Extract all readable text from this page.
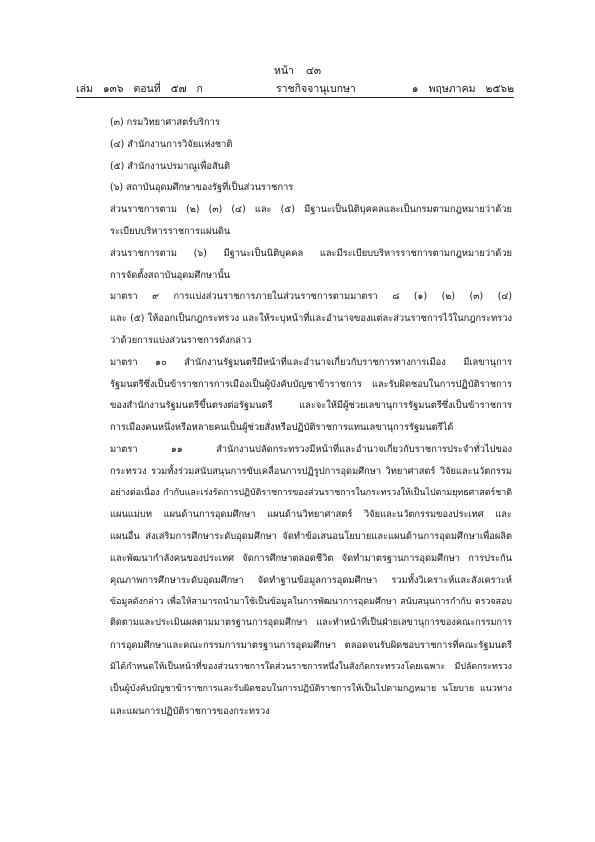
หน้า ๔๓
เล่ม ๑๓๖ ตอนที่ ๕๗ ก	ราชกิจจานุเบกษา	๑ พฤษภาคม ๒๕๖๒

(๓) กรมวิทยาศาสตร์บริการ

(๔) สำนักงานการวิจัยแห่งชาติ

(๕) สำนักงานปรมาณูเพื่อสันติ

(๖) สถาบันอุดมศึกษาของรัฐที่เป็นส่วนราชการ

ส่วนราชการตาม (๒) (๓) (๔) และ (๕) มีฐานะเป็นนิติบุคคลและเป็นกรมตามกฎหมายว่าด้วย

ระเบียบบริหารราชการแผ่นดิน

ส่วนราชการตาม (๖) มีฐานะเป็นนิติบุคคล และมีระเบียบบริหารราชการตามกฎหมายว่าด้วย

การจัดตั้งสถาบันอุดมศึกษานั้น

มาตรา ๙ การแบ่งส่วนราชการภายในส่วนราชการตามมาตรา ๘ (๑) (๒) (๓) (๔)

และ (๕) ให้ออกเป็นกฎกระทรวง และให้ระบุหน้าที่และอำนาจของแต่ละส่วนราชการไว้ในกฎกระทรวง

ว่าด้วยการแบ่งส่วนราชการดังกล่าว

มาตรา ๑๐ สำนักงานรัฐมนตรีมีหน้าที่และอำนาจเกี่ยวกับราชการทางการเมือง มีเลขานุการ

รัฐมนตรีซึ่งเป็นข้าราชการการเมืองเป็นผู้บังคับบัญชาข้าราชการ และรับผิดชอบในการปฏิบัติราชการ

ของสำนักงานรัฐมนตรีขึ้นตรงต่อรัฐมนตรี และจะให้มีผู้ช่วยเลขานุการรัฐมนตรีซึ่งเป็นข้าราชการ

การเมืองคนหนึ่งหรือหลายคนเป็นผู้ช่วยสั่งหรือปฏิบัติราชการแทนเลขานุการรัฐมนตรีได้

มาตรา ๑๑ สำนักงานปลัดกระทรวงมีหน้าที่และอำนาจเกี่ยวกับราชการประจำทั่วไปของ

กระทรวง รวมทั้งร่วมสนับสนุนการขับเคลื่อนการปฏิรูปการอุดมศึกษา วิทยาศาสตร์ วิจัยและนวัตกรรม

อย่างต่อเนื่อง กำกับและเร่งรัดการปฏิบัติราชการของส่วนราชการในกระทรวงให้เป็นไปตามยุทธศาสตร์ชาติ

แผนแม่บท แผนด้านการอุดมศึกษา แผนด้านวิทยาศาสตร์ วิจัยและนวัตกรรมของประเทศ และ

แผนอื่น ส่งเสริมการศึกษาระดับอุดมศึกษา จัดทำข้อเสนอนโยบายและแผนด้านการอุดมศึกษาเพื่อผลิต

และพัฒนากำลังคนของประเทศ จัดการศึกษาตลอดชีวิต จัดทำมาตรฐานการอุดมศึกษา การประกัน

คุณภาพการศึกษาระดับอุดมศึกษา จัดทำฐานข้อมูลการอุดมศึกษา รวมทั้งวิเคราะห์และสังเคราะห์

ข้อมูลดังกล่าว เพื่อให้สามารถนำมาใช้เป็นข้อมูลในการพัฒนาการอุดมศึกษา สนับสนุนการกำกับ ตรวจสอบ

ติดตามและประเมินผลตามมาตรฐานการอุดมศึกษา และทำหน้าที่เป็นฝ่ายเลขานุการของคณะกรรมการ

การอุดมศึกษาและคณะกรรมการมาตรฐานการอุดมศึกษา ตลอดจนรับผิดชอบราชการที่คณะรัฐมนตรี

มิได้กำหนดให้เป็นหน้าที่ของส่วนราชการใดส่วนราชการหนึ่งในสังกัดกระทรวงโดยเฉพาะ มีปลัดกระทรวง

เป็นผู้บังคับบัญชาข้าราชการและรับผิดชอบในการปฏิบัติราชการให้เป็นไปตามกฎหมาย นโยบาย แนวทาง

และแผนการปฏิบัติราชการของกระทรวง
